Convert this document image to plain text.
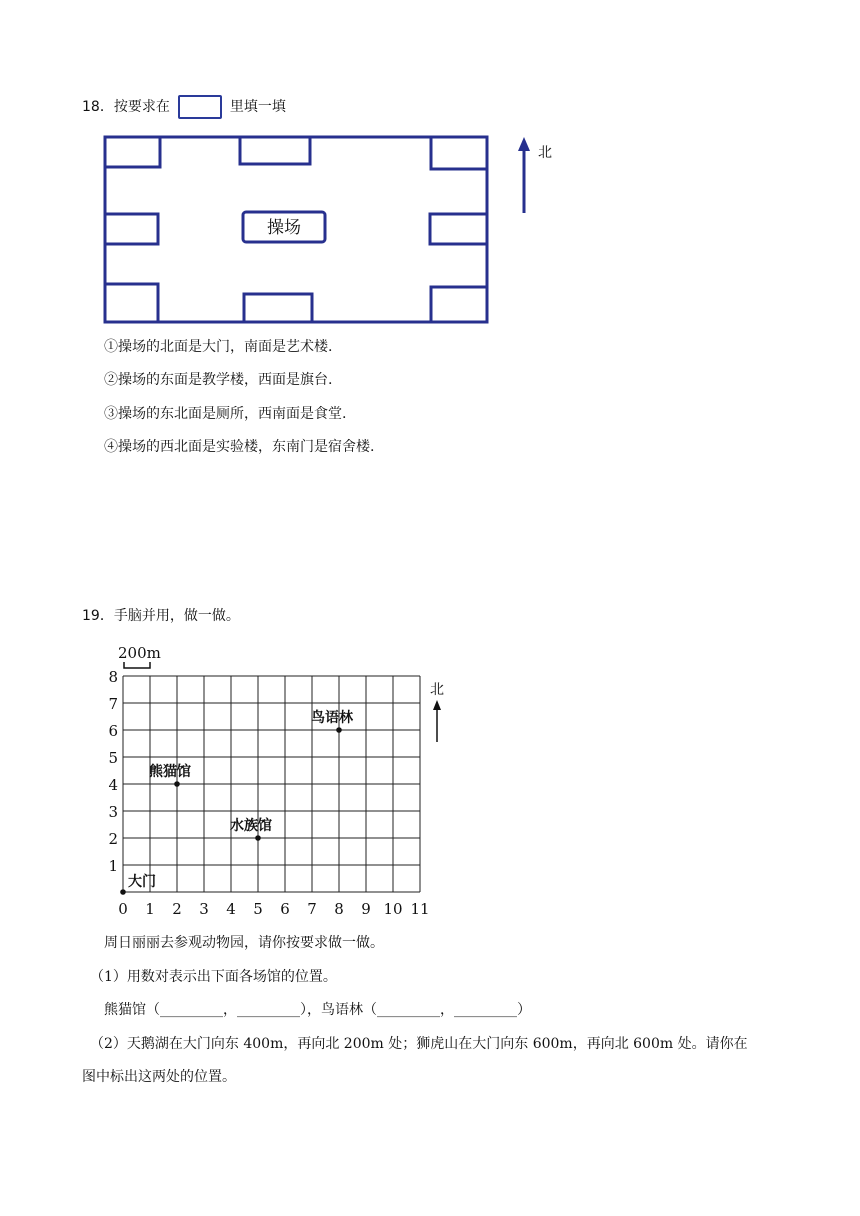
18．按要求在	里填一填
操场
北
①操场的北面是大门，南面是艺术楼.
②操场的东面是教学楼，西面是旗台.
③操场的东北面是厕所，西南面是食堂.
④操场的西北面是实验楼，东南门是宿舍楼.
19．手脑并用，做一做。
200m
0 1 2 3 4 5 6 7 8 9 10 11
1
2
3
4
5
6
7
8
大门
熊猫馆
水族馆
鸟语林
北
周日丽丽去参观动物园，请你按要求做一做。
（1）用数对表示出下面各场馆的位置。
熊猫馆（_________，_________），鸟语林（_________，_________）
（2）天鹅湖在大门向东 400m，再向北 200m 处；狮虎山在大门向东 600m，再向北 600m 处。请你在
图中标出这两处的位置。
